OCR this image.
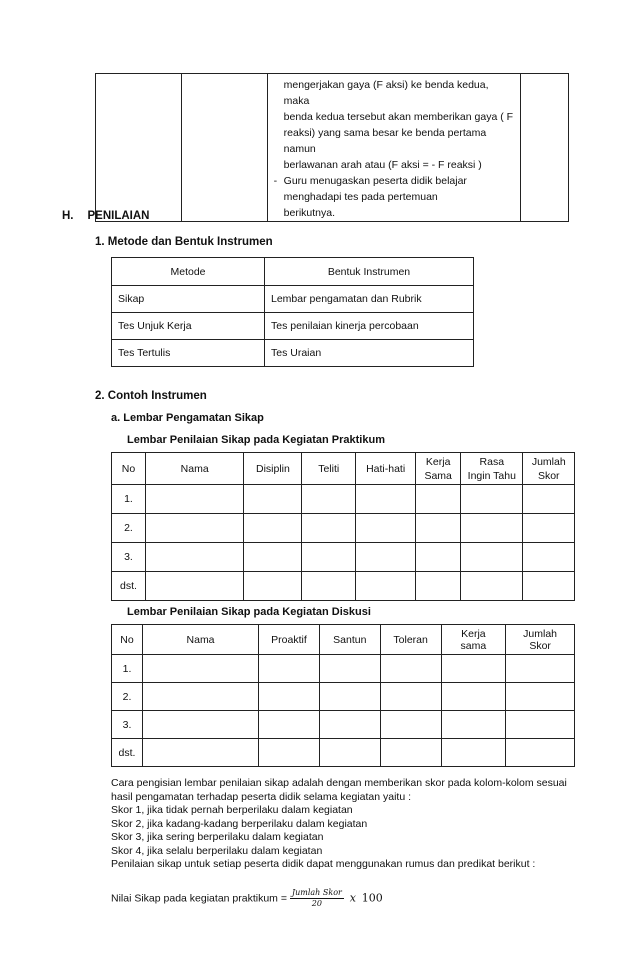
mengerjakan gaya (F aksi) ke benda kedua, maka
benda kedua tersebut akan memberikan gaya ( F
reaksi) yang sama besar ke benda pertama namun
berlawanan arah atau (F aksi = - F reaksi )
- Guru menugaskan peserta didik belajar
menghadapi tes pada pertemuan
berikutnya.

H. PENILAIAN
1. Metode dan Bentuk Instrumen
Metode	Bentuk Instrumen
Sikap	Lembar pengamatan dan Rubrik
Tes Unjuk Kerja	Tes penilaian kinerja percobaan
Tes Tertulis	Tes Uraian
2. Contoh Instrumen
a. Lembar Pengamatan Sikap
Lembar Penilaian Sikap pada Kegiatan Praktikum
No	Nama	Disiplin	Teliti	Hati-hati	Kerja Sama	Rasa Ingin Tahu	Jumlah Skor
1.							
2.							
3.							
dst.							
Lembar Penilaian Sikap pada Kegiatan Diskusi
No	Nama	Proaktif	Santun	Toleran	Kerja sama	Jumlah Skor
1.						
2.						
3.						
dst.						
Cara pengisian lembar penilaian sikap adalah dengan memberikan skor pada kolom-kolom sesuai
hasil pengamatan terhadap peserta didik selama kegiatan yaitu :
Skor 1, jika tidak pernah berperilaku dalam kegiatan
Skor 2, jika kadang-kadang berperilaku dalam kegiatan
Skor 3, jika sering berperilaku dalam kegiatan
Skor 4, jika selalu berperilaku dalam kegiatan
Penilaian sikap untuk setiap peserta didik dapat menggunakan rumus dan predikat berikut :
Nilai Sikap pada kegiatan praktikum = Jumlah Skor
20	x 100
